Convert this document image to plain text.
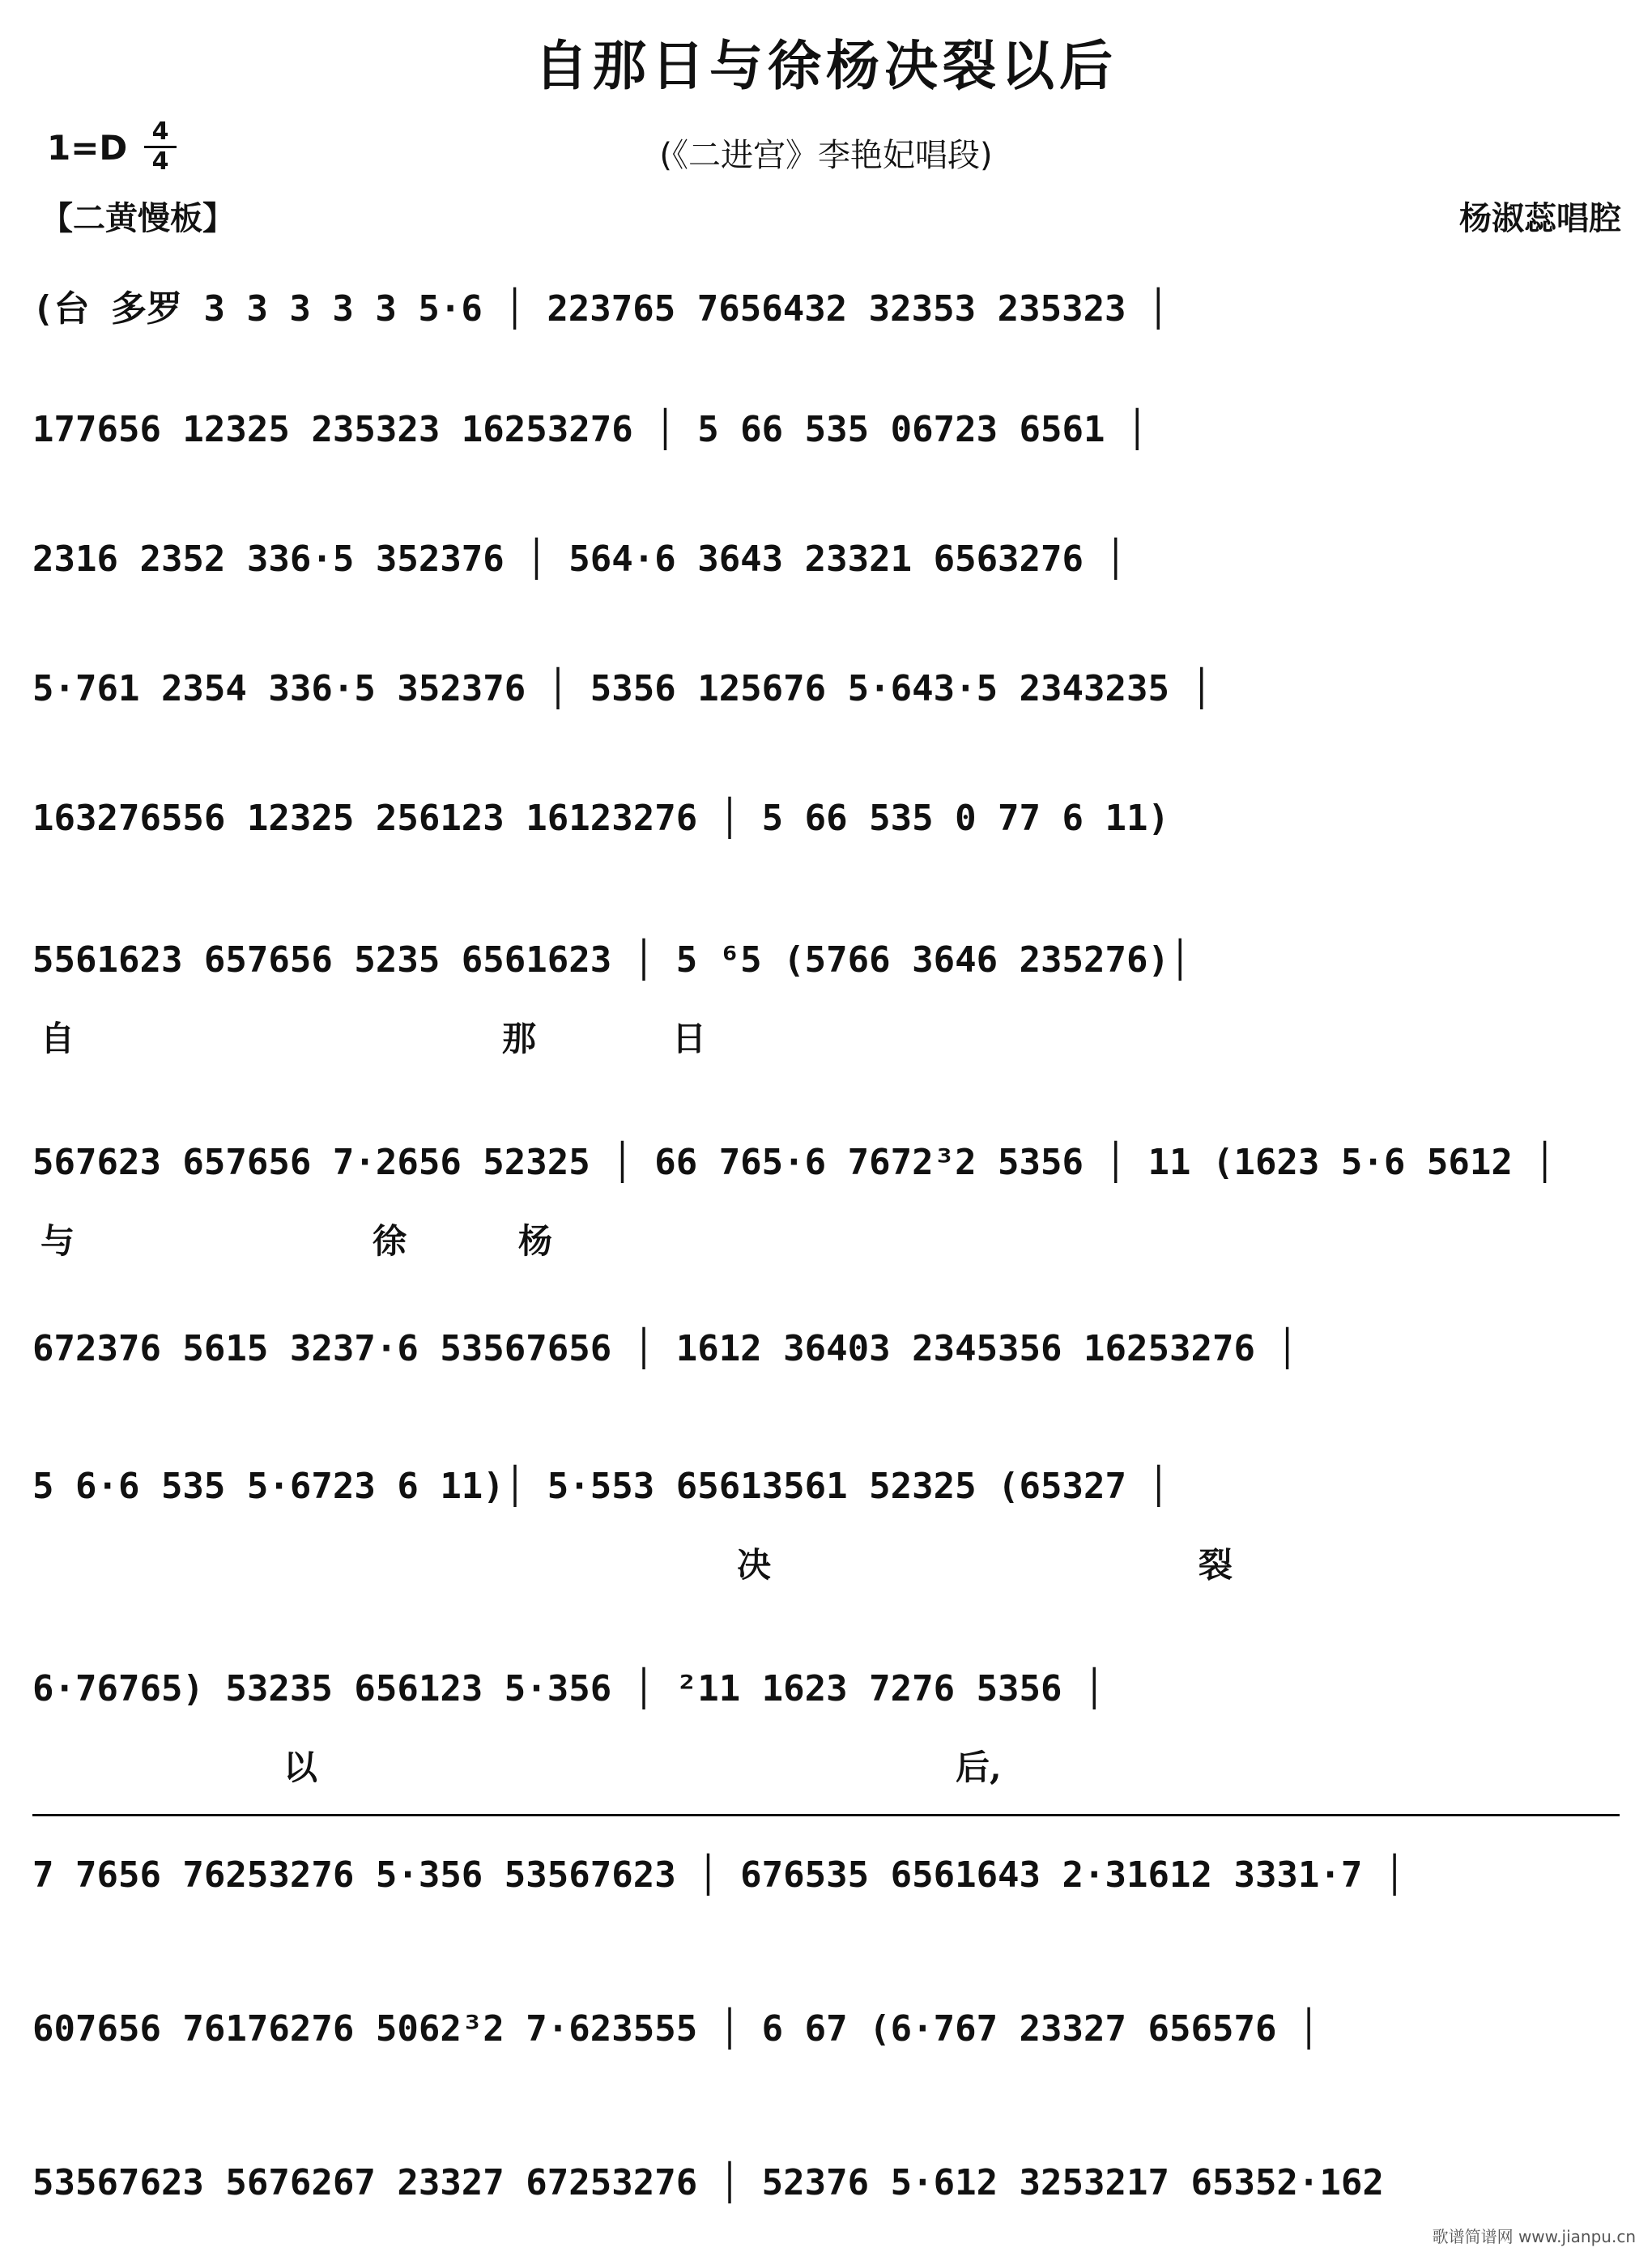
自那日与徐杨决裂以后
1=D	4
4	(《二进宫》李艳妃唱段)
【二黄慢板】	杨淑蕊唱腔
(台 多罗 3 3 3 3 3 5·6 │ 223765 7656432 32353 235323 │
177656 12325 235323 16253276 │ 5 66 535 06723 6561 │
2316 2352 336·5 352376 │ 564·6 3643 23321 6563276 │
5·761 2354 336·5 352376 │ 5356 125676 5·643·5 2343235 │
163276556 12325 256123 16123276 │ 5 66 535 0 77 6 11)
5561623 657656 5235 6561623 │ 5 ⁶5 (5766 3646 235276)│
自	那	日
567623 657656 7·2656 52325 │ 66 765·6 7672³2 5356 │ 11 (1623 5·6 5612 │
与	徐	杨
672376 5615 3237·6 53567656 │ 1612 36403 2345356 16253276 │
5 6·6 535 5·6723 6 11)│ 5·553 65613561 52325 (65327 │
决	裂
6·76765) 53235 656123 5·356 │ ²11 1623 7276 5356 │
以	后,
7 7656 76253276 5·356 53567623 │ 676535 6561643 2·31612 3331·7 │
607656 76176276 5062³2 7·623555 │ 6 67 (6·767 23327 656576 │
53567623 5676267 23327 67253276 │ 52376 5·612 3253217 65352·162
歌谱简谱网 www.jianpu.cn
